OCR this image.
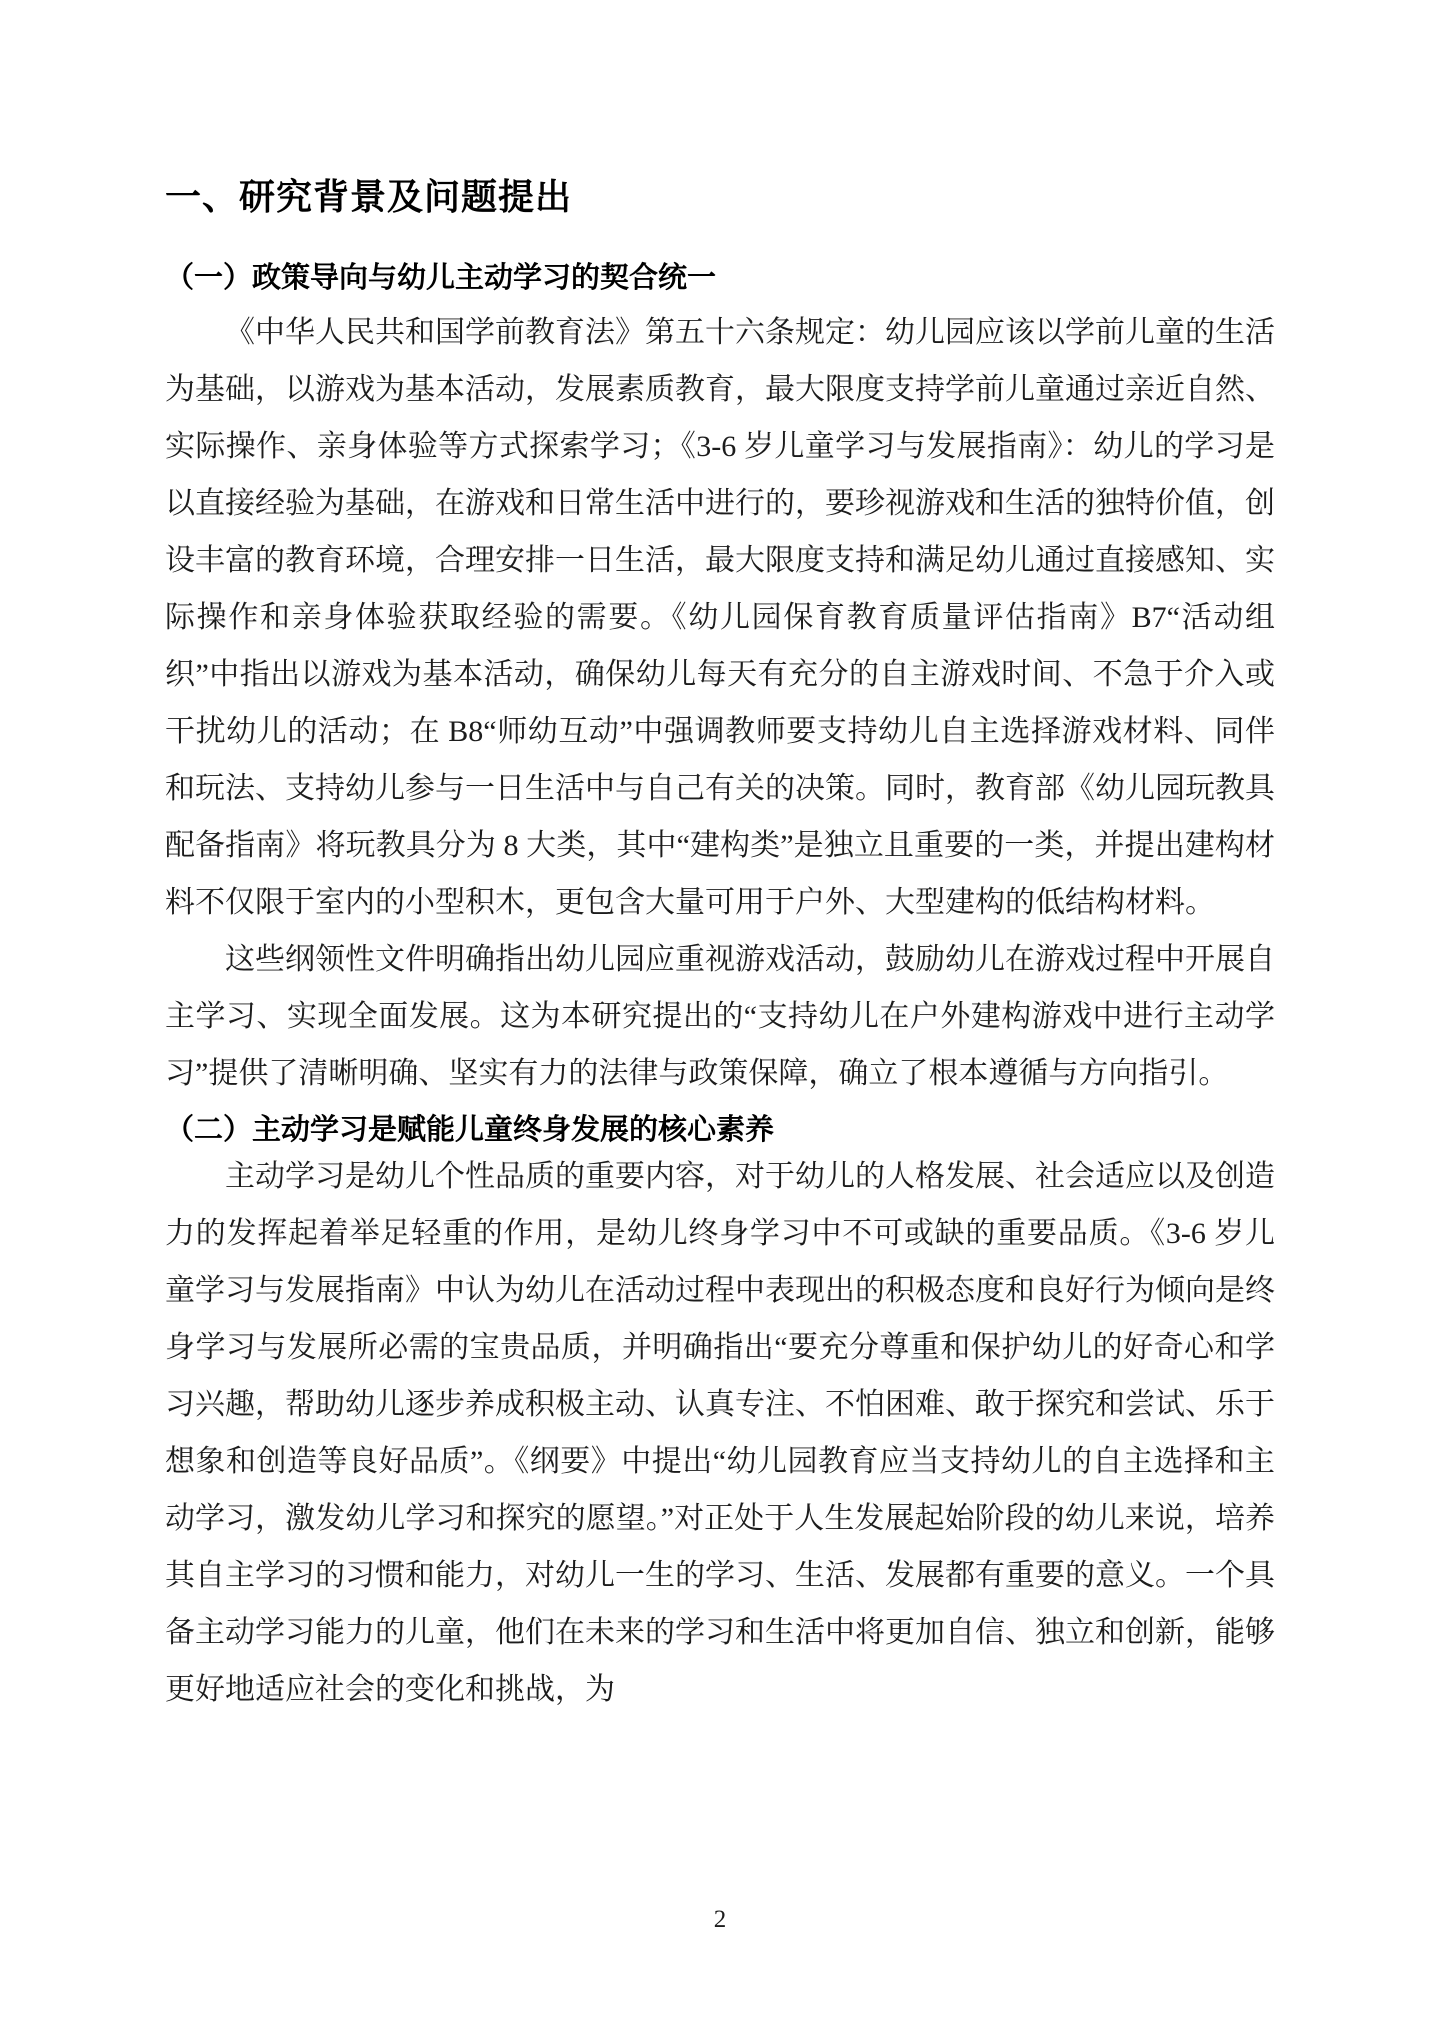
一、研究背景及问题提出
（一）政策导向与幼儿主动学习的契合统一

《中华人民共和国学前教育法》第五十六条规定：幼儿园应该以学前儿童的生活为基础，以游戏为基本活动，发展素质教育，最大限度支持学前儿童通过亲近自然、实际操作、亲身体验等方式探索学习；《3-6 岁儿童学习与发展指南》：幼儿的学习是以直接经验为基础，在游戏和日常生活中进行的，要珍视游戏和生活的独特价值，创设丰富的教育环境，合理安排一日生活，最大限度支持和满足幼儿通过直接感知、实际操作和亲身体验获取经验的需要。《幼儿园保育教育质量评估指南》B7“活动组织”中指出以游戏为基本活动，确保幼儿每天有充分的自主游戏时间、不急于介入或干扰幼儿的活动；在 B8“师幼互动”中强调教师要支持幼儿自主选择游戏材料、同伴和玩法、支持幼儿参与一日生活中与自己有关的决策。同时，教育部《幼儿园玩教具配备指南》将玩教具分为 8 大类，其中“建构类”是独立且重要的一类，并提出建构材料不仅限于室内的小型积木，更包含大量可用于户外、大型建构的低结构材料。

这些纲领性文件明确指出幼儿园应重视游戏活动，鼓励幼儿在游戏过程中开展自主学习、实现全面发展。这为本研究提出的“支持幼儿在户外建构游戏中进行主动学习”提供了清晰明确、坚实有力的法律与政策保障，确立了根本遵循与方向指引。

（二）主动学习是赋能儿童终身发展的核心素养

主动学习是幼儿个性品质的重要内容，对于幼儿的人格发展、社会适应以及创造力的发挥起着举足轻重的作用，是幼儿终身学习中不可或缺的重要品质。《3-6 岁儿童学习与发展指南》中认为幼儿在活动过程中表现出的积极态度和良好行为倾向是终身学习与发展所必需的宝贵品质，并明确指出“要充分尊重和保护幼儿的好奇心和学习兴趣，帮助幼儿逐步养成积极主动、认真专注、不怕困难、敢于探究和尝试、乐于想象和创造等良好品质”。《纲要》中提出“幼儿园教育应当支持幼儿的自主选择和主动学习，激发幼儿学习和探究的愿望。”对正处于人生发展起始阶段的幼儿来说，培养其自主学习的习惯和能力，对幼儿一生的学习、生活、发展都有重要的意义。一个具备主动学习能力的儿童，他们在未来的学习和生活中将更加自信、独立和创新，能够更好地适应社会的变化和挑战，为

2
